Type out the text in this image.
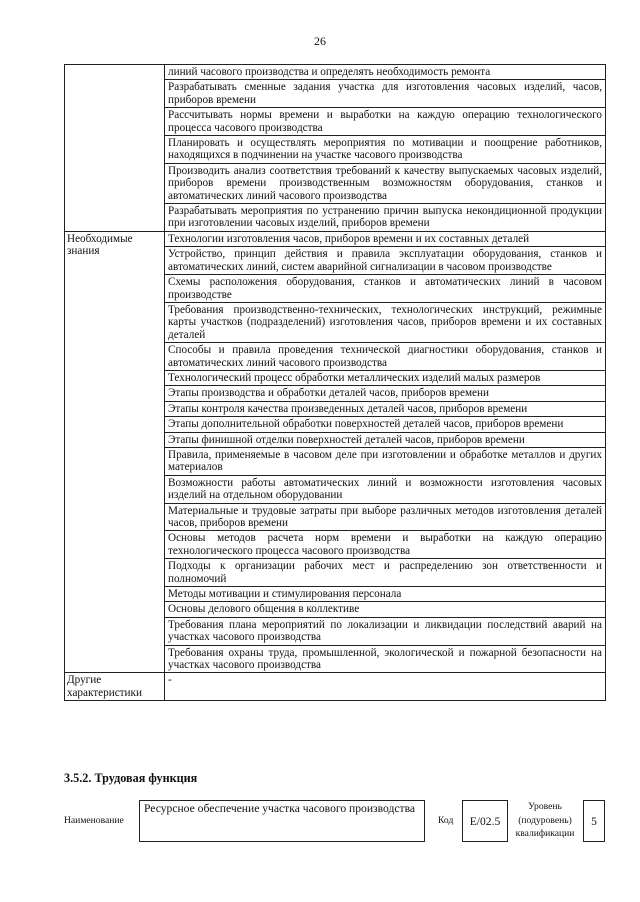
26
	линий часового производства и определять необходимость ремонта
	Разрабатывать сменные задания участка для изготовления часовых изделий, часов, приборов времени
	Рассчитывать нормы времени и выработки на каждую операцию технологического процесса часового производства
	Планировать и осуществлять мероприятия по мотивации и поощрение работников, находящихся в подчинении на участке часового производства
	Производить анализ соответствия требований к качеству выпускаемых часовых изделий, приборов времени производственным возможностям оборудования, станков и автоматических линий часового производства
	Разрабатывать мероприятия по устранению причин выпуска некондиционной продукции при изготовлении часовых изделий, приборов времени
Необходимые знания	Технологии изготовления часов, приборов времени и их составных деталей
	Устройство, принцип действия и правила эксплуатации оборудования, станков и автоматических линий, систем аварийной сигнализации в часовом производстве
	Схемы расположения оборудования, станков и автоматических линий в часовом производстве
	Требования производственно-технических, технологических инструкций, режимные карты участков (подразделений) изготовления часов, приборов времени и их составных деталей
	Способы и правила проведения технической диагностики оборудования, станков и автоматических линий часового производства
	Технологический процесс обработки металлических изделий малых размеров
	Этапы производства и обработки деталей часов, приборов времени
	Этапы контроля качества произведенных деталей часов, приборов времени
	Этапы дополнительной обработки поверхностей деталей часов, приборов времени
	Этапы финишной отделки поверхностей деталей часов, приборов времени
	Правила, применяемые в часовом деле при изготовлении и обработке металлов и других материалов
	Возможности работы автоматических линий и возможности изготовления часовых изделий на отдельном оборудовании
	Материальные и трудовые затраты при выборе различных методов изготовления деталей часов, приборов времени
	Основы методов расчета норм времени и выработки на каждую операцию технологического процесса часового производства
	Подходы к организации рабочих мест и распределению зон ответственности и полномочий
	Методы мотивации и стимулирования персонала
	Основы делового общения в коллективе
	Требования плана мероприятий по локализации и ликвидации последствий аварий на участках часового производства
	Требования охраны труда, промышленной, экологической и пожарной безопасности на участках часового производства
Другие характеристики	-
3.5.2. Трудовая функция
Наименование
Ресурсное обеспечение участка часового производства
Код	E/02.5
Уровень (подуровень) квалификации
5
